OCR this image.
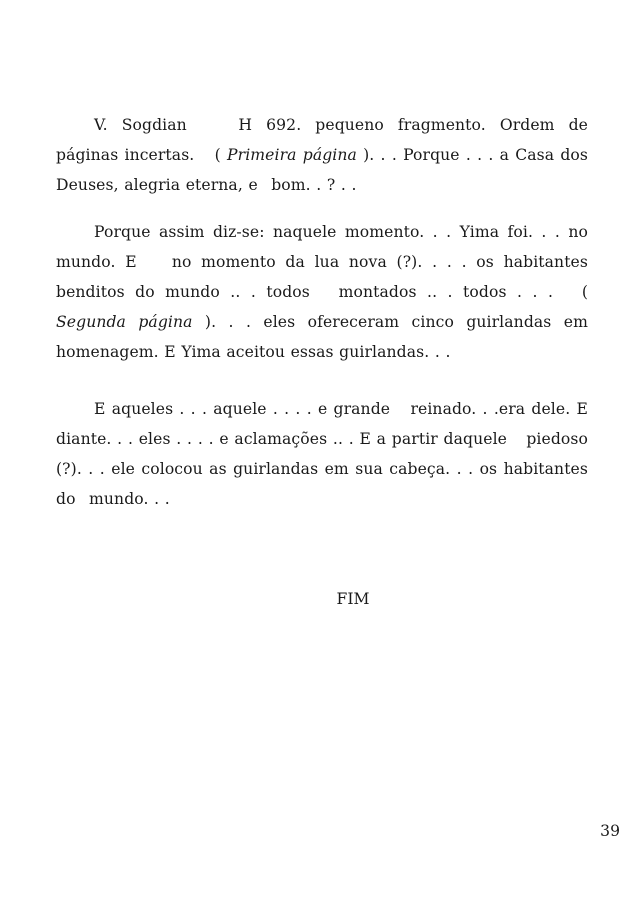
V. Sogdian    H 692. pequeno fragmento. Ordem de páginas incertas.   ( Primeira página ). . . Porque . . . a Casa dos Deuses, alegria eterna, e  bom. . ? . .

Porque assim diz-se: naquele momento. . . Yima foi. . . no mundo. E    no momento da lua nova (?). . . . os habitantes benditos do mundo .. . todos   montados .. . todos . . .   ( Segunda página ). . . eles ofereceram cinco guirlandas em homenagem. E Yima aceitou essas guirlandas. . .

E aqueles . . . aquele . . . . e grande   reinado. . .era dele. E diante. . . eles . . . . e aclamações .. . E a partir daquele   piedoso (?). . . ele colocou as guirlandas em sua cabeça. . . os habitantes do  mundo. . .

FIM
39
